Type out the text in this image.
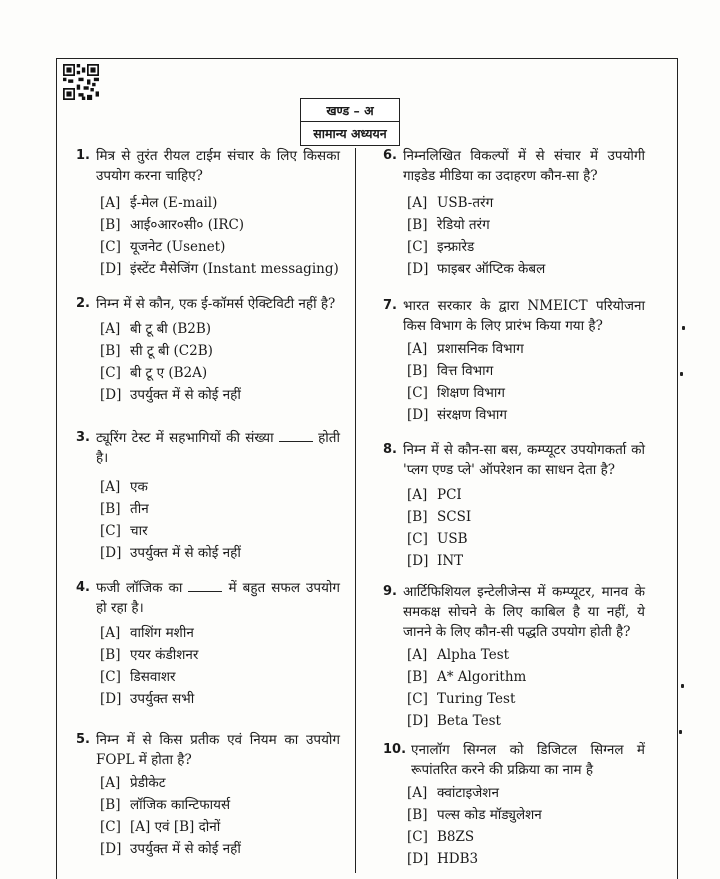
खण्ड – अ
सामान्य अध्ययन
1. मित्र से तुरंत रीयल टाईम संचार के लिए किसका उपयोग करना चाहिए?
[A] ई-मेल (E-mail)
[B] आई०आर०सी० (IRC)
[C] यूजनेट (Usenet)
[D] इंस्टेंट मैसेजिंग (Instant messaging)
2. निम्न में से कौन, एक ई-कॉमर्स ऐक्टिविटी नहीं है?
[A] बी टू बी (B2B)
[B] सी टू बी (C2B)
[C] बी टू ए (B2A)
[D] उपर्युक्त में से कोई नहीं
3. ट्यूरिंग टेस्ट में सहभागियों की संख्या	होती है।
[A] एक
[B] तीन
[C] चार
[D] उपर्युक्त में से कोई नहीं
4. फजी लॉजिक का	में बहुत सफल उपयोग हो रहा है।
[A] वाशिंग मशीन
[B] एयर कंडीशनर
[C] डिसवाशर
[D] उपर्युक्त सभी
5. निम्न में से किस प्रतीक एवं नियम का उपयोग FOPL में होता है?
[A] प्रेडीकेट
[B] लॉजिक कान्टिफायर्स
[C] [A] एवं [B] दोनों
[D] उपर्युक्त में से कोई नहीं
6. निम्नलिखित विकल्पों में से संचार में उपयोगी गाइडेड मीडिया का उदाहरण कौन-सा है?
[A] USB-तरंग
[B] रेडियो तरंग
[C] इन्फ्रारेड
[D] फाइबर ऑप्टिक केबल
7. भारत सरकार के द्वारा NMEICT परियोजना किस विभाग के लिए प्रारंभ किया गया है?
[A] प्रशासनिक विभाग
[B] वित्त विभाग
[C] शिक्षण विभाग
[D] संरक्षण विभाग
8. निम्न में से कौन-सा बस, कम्प्यूटर उपयोगकर्ता को 'प्लग एण्ड प्ले' ऑपरेशन का साधन देता है?
[A] PCI
[B] SCSI
[C] USB
[D] INT
9. आर्टिफिशियल इन्टेलीजेन्स में कम्प्यूटर, मानव के समकक्ष सोचने के लिए काबिल है या नहीं, ये जानने के लिए कौन-सी पद्धति उपयोग होती है?
[A] Alpha Test
[B] A* Algorithm
[C] Turing Test
[D] Beta Test
10. एनालॉग सिग्नल को डिजिटल सिग्नल में रूपांतरित करने की प्रक्रिया का नाम है
[A] क्वांटाइजेशन
[B] पल्स कोड मॉड्युलेशन
[C] B8ZS
[D] HDB3
